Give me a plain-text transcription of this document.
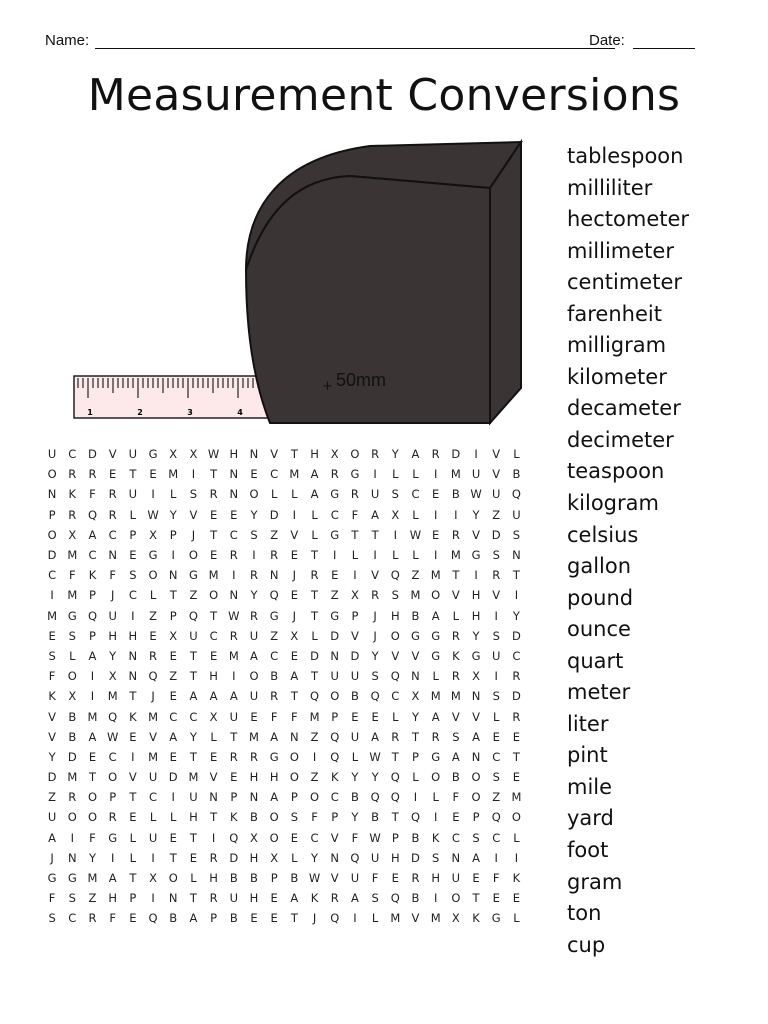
Name:	Date:
Measurement Conversions
1	2	3	4
+ 50mm
U	C	D	V	U	G	X	X W H	N	V	T	H	X	O	R	Y	A	R	D	I	V	L
O	R	R	E	T	E	M	I	T	N	E	C M A	R	G	I	L	L	I	M U	V	B
N	K	F	R	U	I	L	S	R	N O	L	L	A	G	R	U	S	C	E	B W U Q
P	R	Q	R	L W Y	V	E	E	Y	D	I	L	C	F	A	X	L	I	I	Y	Z	U
O	X	A	C	P	X	P	J	T	C	S	Z	V	L	G	T	T	I	W E	R	V	D	S
D M C	N	E	G	I	O	E	R	I	R	E	T	I	L	I	L	L	I	M G	S	N
C	F	K	F	S	O N G M	I	R	N	J	R	E	I	V	Q	Z M	T	I	R	T
I	M	P	J	C	L	T	Z	O N	Y	Q	E	T	Z	X	R	S	M O	V	H	V	I
M G Q U	I	Z	P	Q	T W R	G	J	T	G	P	J	H	B	A	L	H	I	Y
E	S	P	H	H	E	X	U	C	R	U	Z	X	L	D	V	J	O G G	R	Y	S	D
S	L	A	Y	N	R	E	T	E	M A	C	E	D N D	Y	V	V	G	K	G	U	C
F	O	I	X	N Q	Z	T	H	I	O	B	A	T	U	U	S	Q N	L	R	X	I	R
K	X	I	M	T	J	E	A	A	A	U	R	T	Q O	B	Q	C	X M M N	S	D
V	B M Q	K M C	C	X	U	E	F	F	M	P	E	E	L	Y	A	V	V	L	R
V	B	A W E	V	A	Y	L	T	M A	N	Z	Q U	A	R	T	R	S	A	E	E
Y	D	E	C	I	M	E	T	E	R	R	G O	I	Q	L W T	P	G	A	N	C	T
D M	T	O	V	U	D M V	E	H	H O	Z	K	Y	Y	Q	L	O	B	O	S	E
Z	R	O	P	T	C	I	U	N	P	N	A	P	O	C	B	Q Q	I	L	F	O	Z M
U O O	R	E	L	L	H	T	K	B	O	S	F	P	Y	B	T	Q	I	E	P	Q O
A	I	F	G	L	U	E	T	I	Q	X	O	E	C	V	F W P	B	K	C	S	C	L
J	N	Y	I	L	I	T	E	R	D H	X	L	Y	N Q U	H D	S	N	A	I	I
G G M A	T	X	O	L	H	B	B	P	B W V	U	F	E	R	H	U	E	F	K
F	S	Z	H	P	I	N	T	R	U	H	E	A	K	R	A	S	Q	B	I	O	T	E	E
S	C	R	F	E	Q	B	A	P	B	E	E	T	J	Q	I	L	M V M X	K	G	L
tablespoon
milliliter
hectometer
millimeter
centimeter
farenheit
milligram
kilometer
decameter
decimeter
teaspoon
kilogram
celsius
gallon
pound
ounce
quart
meter
liter
pint
mile
yard
foot
gram
ton
cup
